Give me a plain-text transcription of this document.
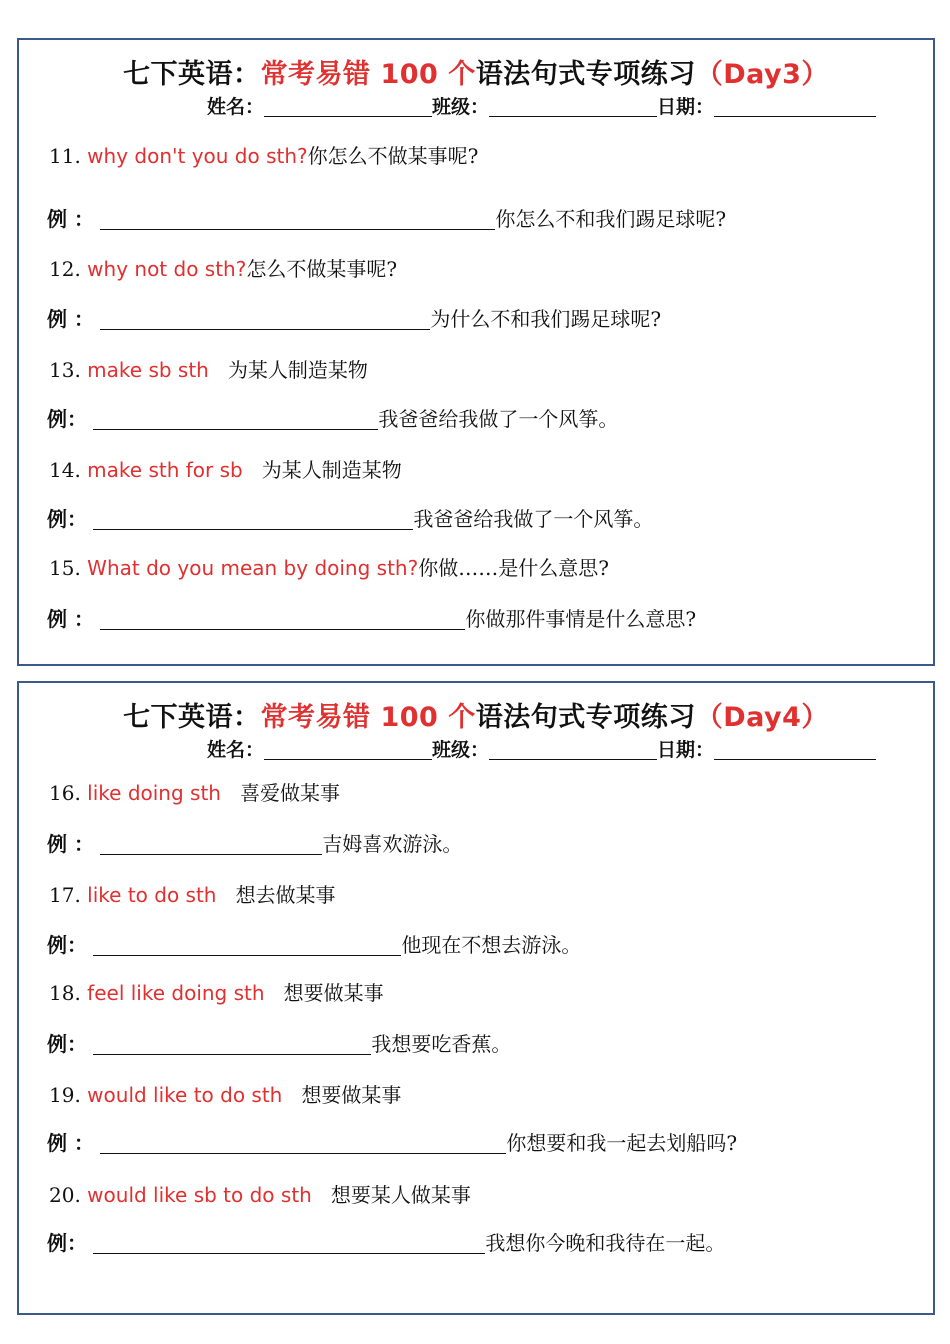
七下英语：常考易错 100 个语法句式专项练习（Day3）
姓名：	班级：	日期：
11. why don't you do sth?你怎么不做某事呢?
例 ：	你怎么不和我们踢足球呢?
12. why not do sth?怎么不做某事呢?
例 ：	为什么不和我们踢足球呢?
13. make sb sth 为某人制造某物
例：	我爸爸给我做了一个风筝。
14. make sth for sb 为某人制造某物
例：	我爸爸给我做了一个风筝。
15. What do you mean by doing sth?你做……是什么意思?
例 ：	你做那件事情是什么意思?
七下英语：常考易错 100 个语法句式专项练习（Day4）
姓名：	班级：	日期：
16. like doing sth 喜爱做某事
例 ：	吉姆喜欢游泳。
17. like to do sth 想去做某事
例：	他现在不想去游泳。
18. feel like doing sth 想要做某事
例：	我想要吃香蕉。
19. would like to do sth 想要做某事
例 ：	你想要和我一起去划船吗?
20. would like sb to do sth 想要某人做某事
例：	我想你今晚和我待在一起。
